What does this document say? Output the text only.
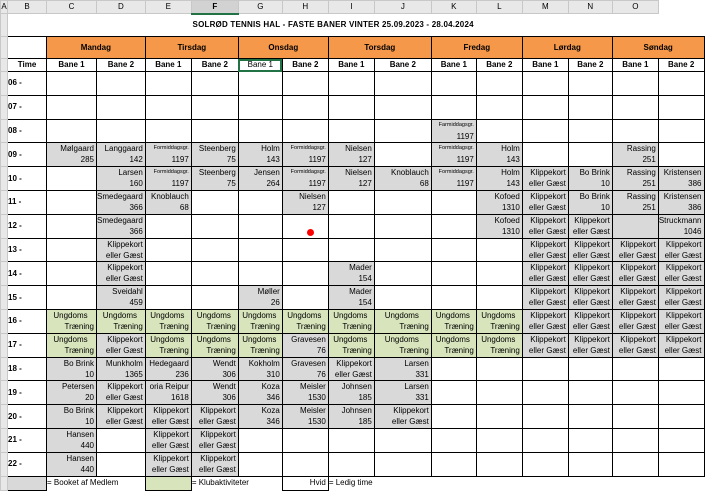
A	B	C	D	E	F	G	H	I	J	K	L	M	N	O	
	SOLRØD TENNIS HAL - FASTE BANER VINTER 25.09.2023 - 28.04.2024														
		Mandag		Tirsdag		Onsdag		Torsdag		Fredag		Lørdag		Søndag	
	Time	Bane 1	Bane 2	Bane 1	Bane 2	Bane 1	Bane 2	Bane 1	Bane 2	Bane 1	Bane 2	Bane 1	Bane 2	Bane 1	Bane 2
	06 -														
	07 -														
	08 -									Farmiddagsgr.
1197					

	09 -	Mølgaard
285	Langgaard
142	Formiddagsgr.
1197	Steenberg
75	Holm
143	Formiddagsgr.
1197	Nielsen
127		Formiddagsgr.
1197	Holm
143			Rassing
251	

	10 -		Larsen
160	Formiddagsgr.
1197	Steenberg
75	Jensen
264	Formiddagsgr.
1197	Nielsen
127	Knoblauch
68	Formiddagsgr.
1197	Holm
143	Klippekort
eller Gæst	Bo Brink
10	Rassing
251	Kristensen
386

	11 -		Smedegaard
366	Knoblauch
68			Nielsen
127				Kofoed
1310	Klippekort
eller Gæst	Bo Brink
10	Rassing
251	Kristensen
386

	12 -		Smedegaard
366								Kofoed
1310	Klippekort
eller Gæst	Klippekort
eller Gæst		Struckmann
1046

	13 -		Klippekort
eller Gæst									Klippekort
eller Gæst	Klippekort
eller Gæst	Klippekort
eller Gæst	Klippekort
eller Gæst

	14 -		Klippekort
eller Gæst					Mader
154				Klippekort
eller Gæst	Klippekort
eller Gæst	Klippekort
eller Gæst	Klippekort
eller Gæst

	15 -		Sveidahl
459			Møller
26		Mader
154				Klippekort
eller Gæst	Klippekort
eller Gæst	Klippekort
eller Gæst	Klippekort
eller Gæst

	16 -	Ungdoms
Træning	Ungdoms
Træning	Ungdoms
Træning	Ungdoms
Træning	Ungdoms
Træning	Ungdoms
Træning	Ungdoms
Træning	Ungdoms
Træning	Ungdoms
Træning	Ungdoms
Træning	Klippekort
eller Gæst	Klippekort
eller Gæst	Klippekort
eller Gæst	Klippekort
eller Gæst

	17 -	Ungdoms
Træning	Klippekort
eller Gæst	Ungdoms
Træning	Ungdoms
Træning	Ungdoms
Træning	Gravesen
76	Ungdoms
Træning	Ungdoms
Træning	Ungdoms
Træning	Ungdoms
Træning	Klippekort
eller Gæst	Klippekort
eller Gæst	Klippekort
eller Gæst	Klippekort
eller Gæst

	18 -	Bo Brink
10	Munkholm
1365	Hedegaard
236	Wendt
306	Kokholm
310	Gravesen
76	Klippekort
eller Gæst	Larsen
331						

	19 -	Petersen
20	Klippekort
eller Gæst	oria Reipur
1618	Wendt
306	Koza
346	Meisler
1530	Johnsen
185	Larsen
331						

	20 -	Bo Brink
10	Klippekort
eller Gæst	Klippekort
eller Gæst	Klippekort
eller Gæst	Koza
346	Meisler
1530	Johnsen
185	Klippekort
eller Gæst						

	21 -	Hansen
440		Klippekort
eller Gæst	Klippekort
eller Gæst										

	22 -	Hansen
440		Klippekort
eller Gæst	Klippekort
eller Gæst										

		= Booket af Medlem			= Klubaktiviteter		Hvid	= Ledig time							
